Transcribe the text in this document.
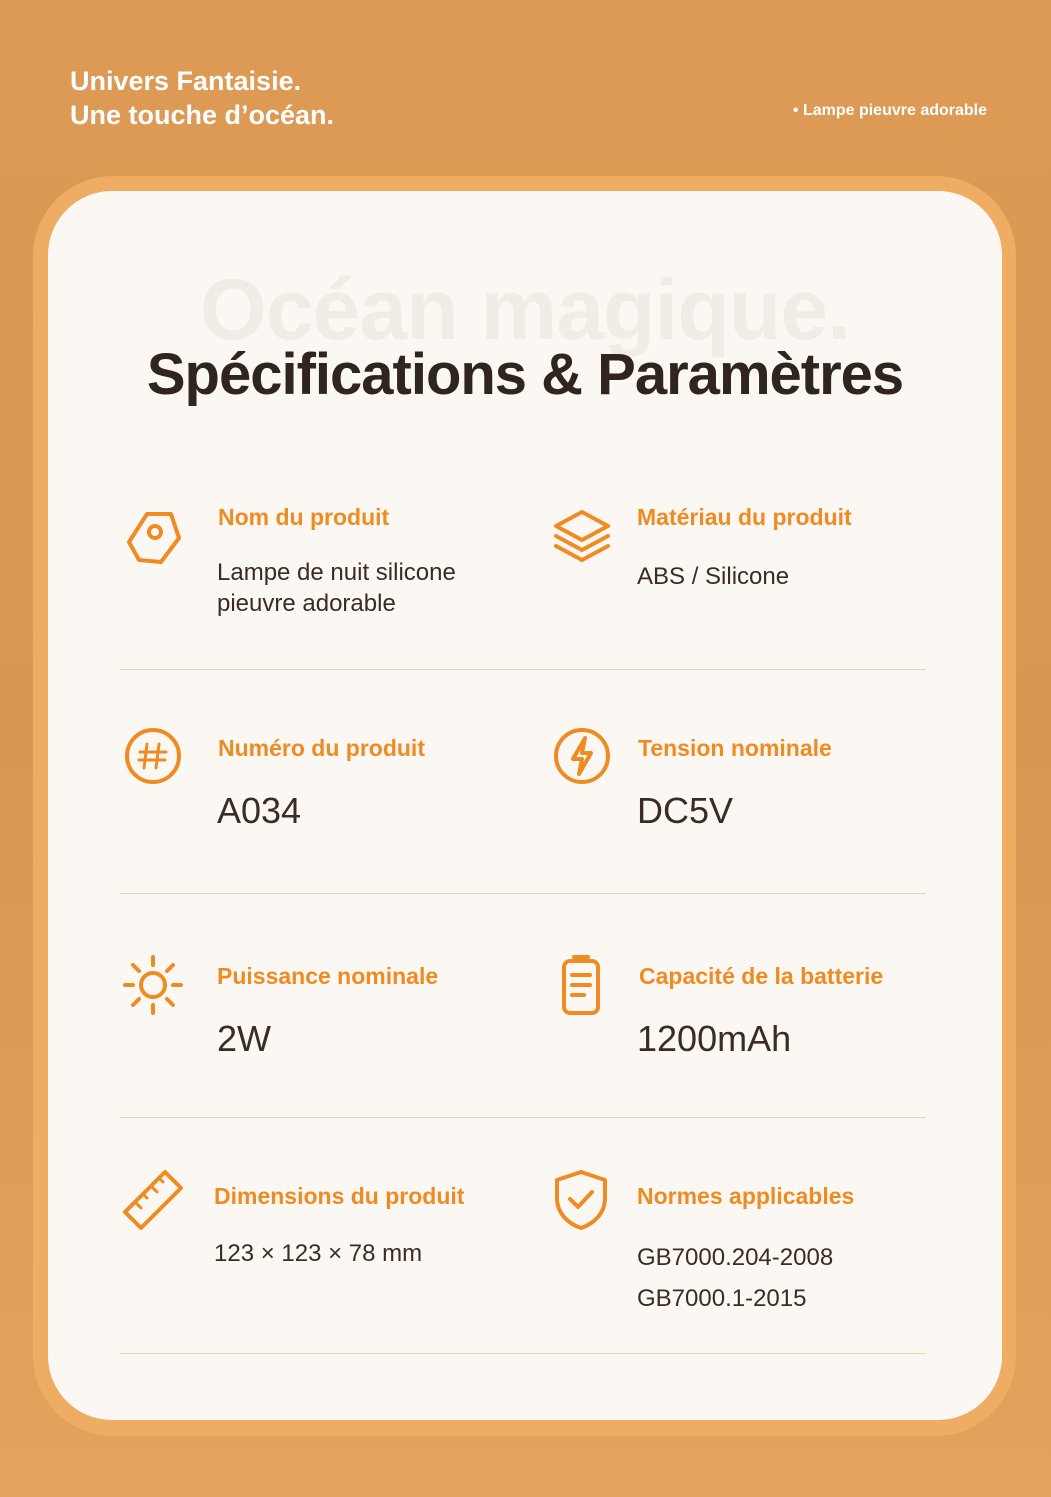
Univers Fantaisie.
Une touche d’océan.	• Lampe pieuvre adorable
Océan magique.
Spécifications & Paramètres
Nom du produit
Lampe de nuit silicone
pieuvre adorable
Matériau du produit
ABS / Silicone
Numéro du produit
A034
Tension nominale
DC5V
Puissance nominale
2W
Capacité de la batterie
1200mAh
Dimensions du produit
123 × 123 × 78 mm
Normes applicables
GB7000.204-2008
GB7000.1-2015
